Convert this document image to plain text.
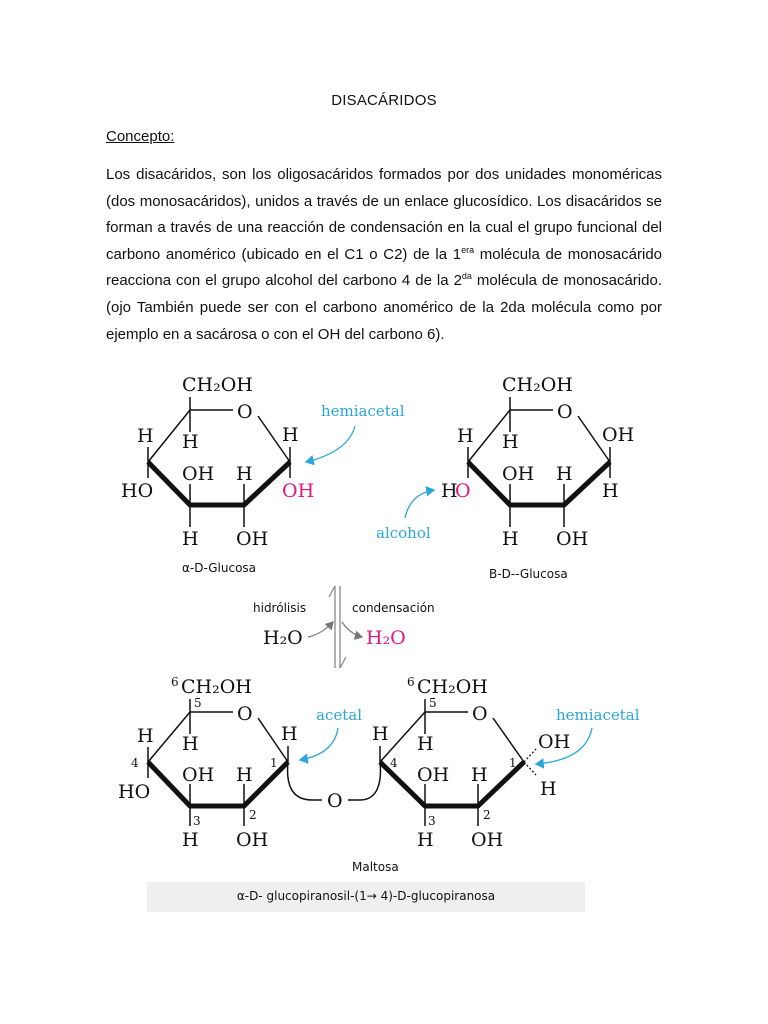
DISACÁRIDOS
Concepto:
Los disacáridos, son los oligosacáridos formados por dos unidades monoméricas (dos monosacáridos), unidos a través de un enlace glucosídico. Los disacáridos se forman a través de una reacción de condensación en la cual el grupo funcional del carbono anomérico (ubicado en el C1 o C2) de la $1^{era}$ molécula de monosacárido reacciona con el grupo alcohol del carbono 4 de la $2^{da}$ molécula de monosacárido. (ojo También puede ser con el carbono anomérico de la 2da molécula como por ejemplo en a sacárosa o con el OH del carbono 6).
CH₂OH
O
H H	H
OH H
HO	OH
H OH
hemiacetal
α-D-Glucosa
CH₂OH
O
H H	OH
OH H
H
O	H
H OH
alcohol
B-D--Glucosa
hidrólisis	condensación
H₂O	H₂O
6 CH₂OH
5 O
H H	H
4
OH H
1
HO
3	2
H OH
O
6 CH₂OH
5 O
H H	OH
4
OH H
1
H
3	2
H OH
acetal	hemiacetal
Maltosa
α-D- glucopiranosil-(1→ 4)-D-glucopiranosa
